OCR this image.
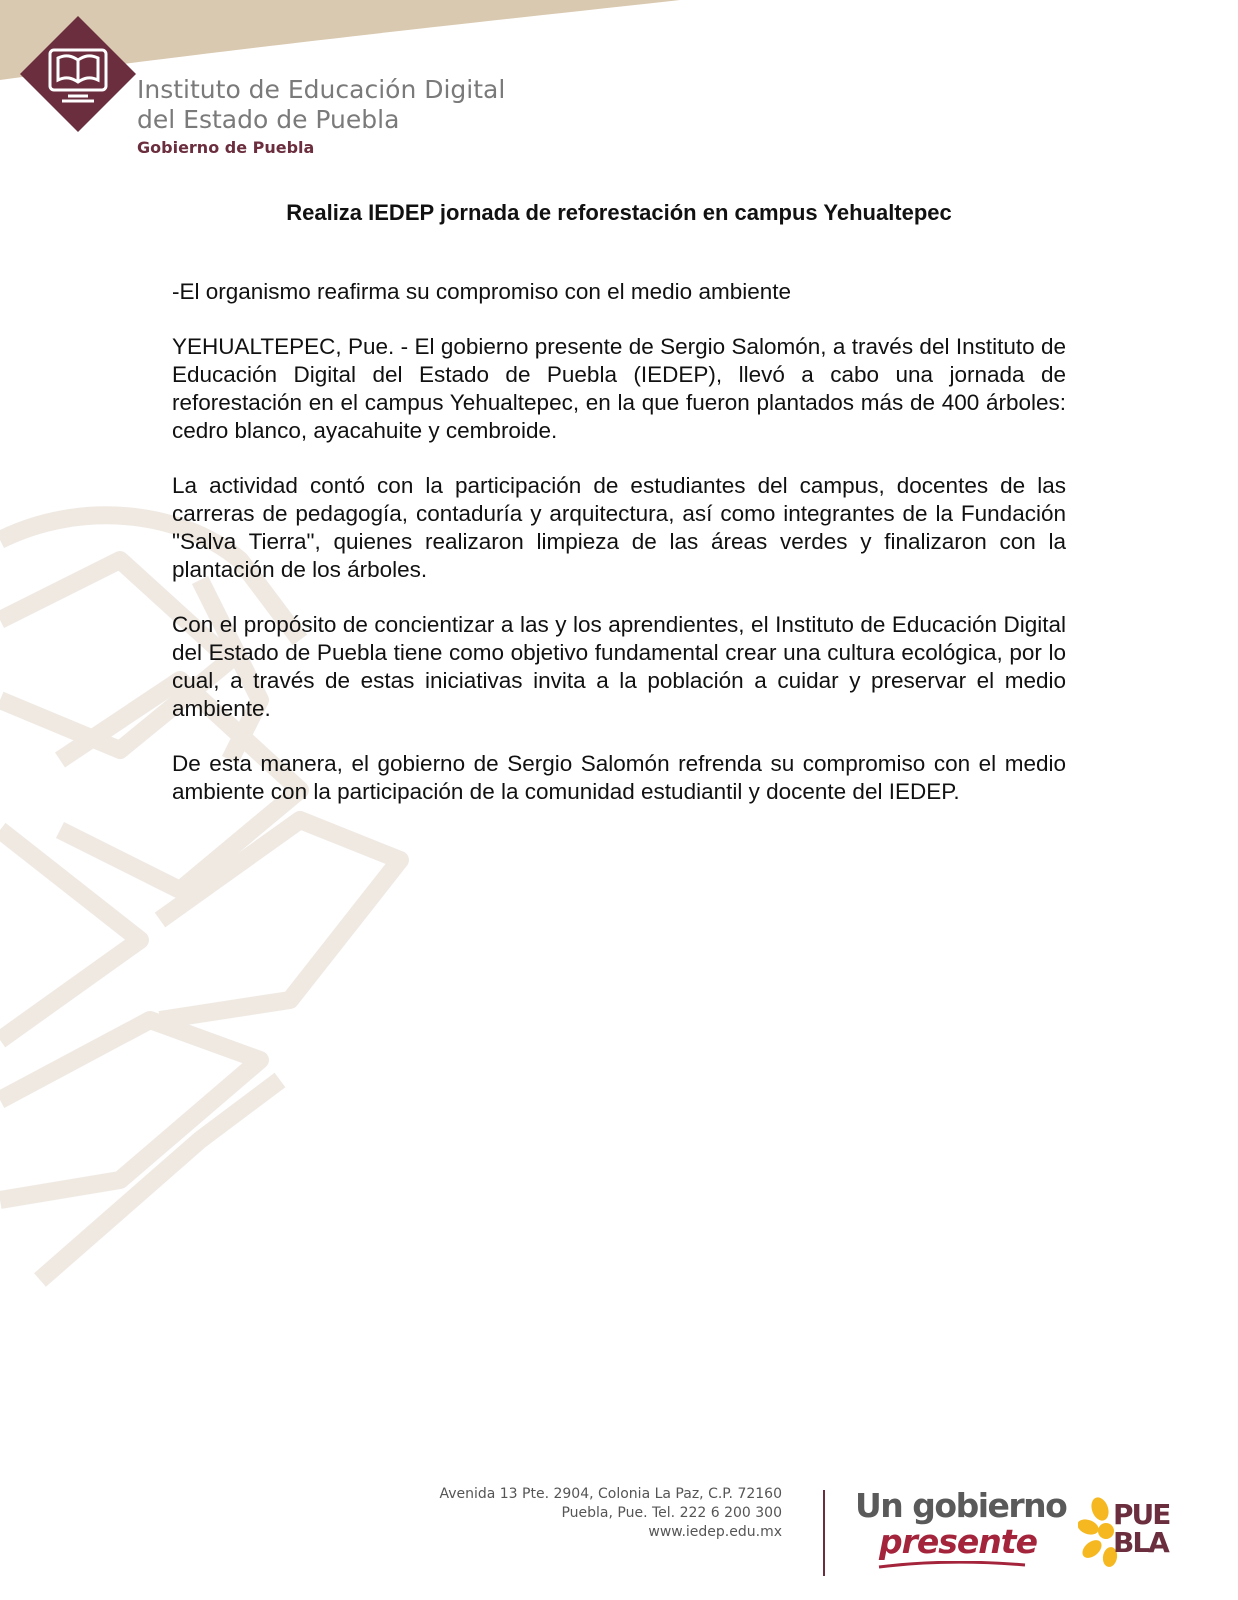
Instituto de Educación Digital
del Estado de Puebla
Gobierno de Puebla
Realiza IEDEP jornada de reforestación en campus Yehualtepec

-El organismo reafirma su compromiso con el medio ambiente

YEHUALTEPEC, Pue. - El gobierno presente de Sergio Salomón, a través del Instituto de Educación Digital del Estado de Puebla (IEDEP), llevó a cabo una jornada de reforestación en el campus Yehualtepec, en la que fueron plantados más de 400 árboles: cedro blanco, ayacahuite y cembroide.

La actividad contó con la participación de estudiantes del campus, docentes de las carreras de pedagogía, contaduría y arquitectura, así como integrantes de la Fundación "Salva Tierra", quienes realizaron limpieza de las áreas verdes y finalizaron con la plantación de los árboles.

Con el propósito de concientizar a las y los aprendientes, el Instituto de Educación Digital del Estado de Puebla tiene como objetivo fundamental crear una cultura ecológica, por lo cual, a través de estas iniciativas invita a la población a cuidar y preservar el medio ambiente.

De esta manera, el gobierno de Sergio Salomón refrenda su compromiso con el medio ambiente con la participación de la comunidad estudiantil y docente del IEDEP.

Avenida 13 Pte. 2904, Colonia La Paz, C.P. 72160
Puebla, Pue. Tel. 222 6 200 300
www.iedep.edu.mx
Un gobierno
presente
PUE
BLA
